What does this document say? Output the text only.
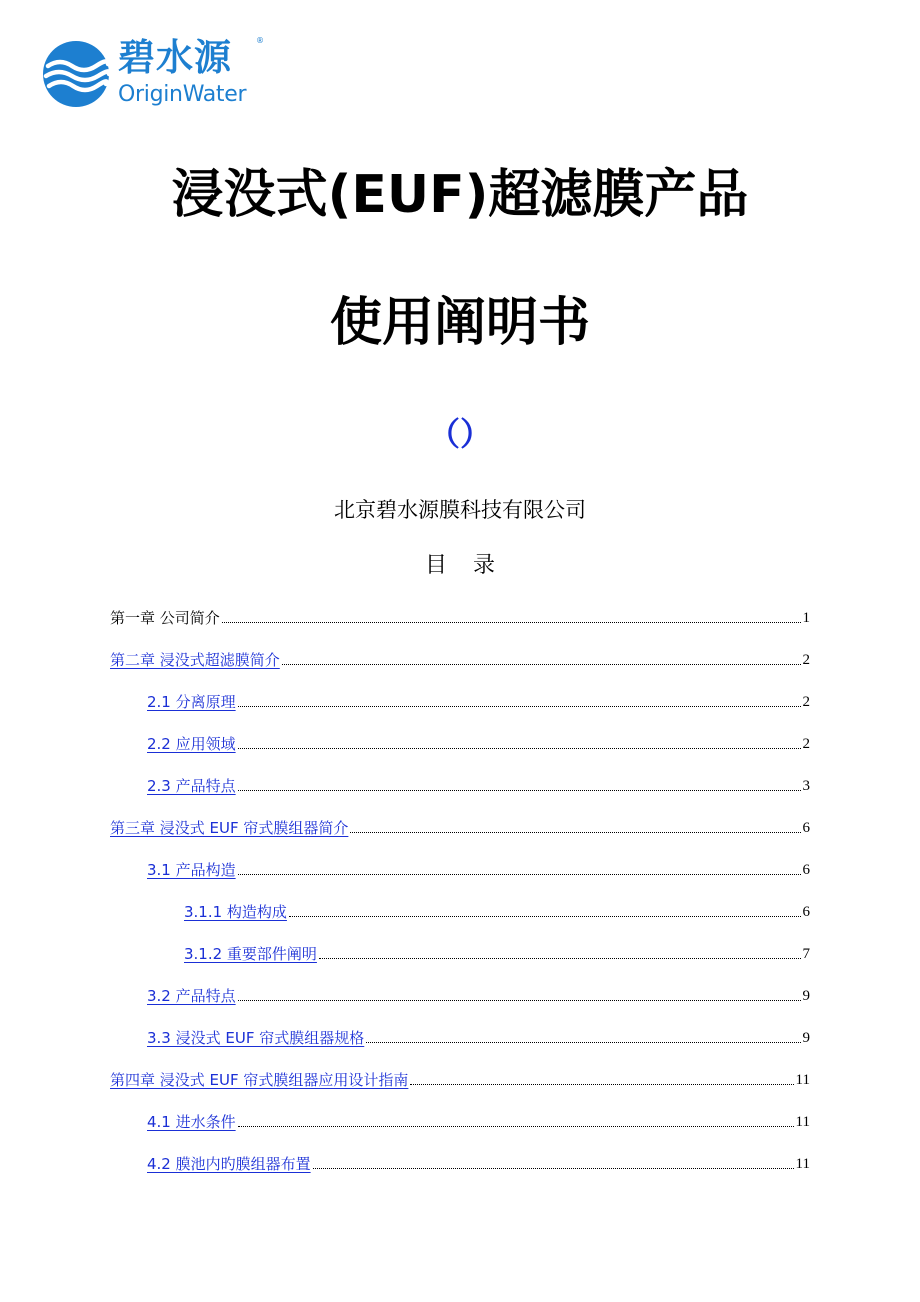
碧水源	®
OriginWater
浸没式(EUF)超滤膜产品
使用阐明书
（）
北京碧水源膜科技有限公司
目录
第一章 公司简介	1
第二章 浸没式超滤膜简介	2
2.1 分离原理	2
2.2 应用领域	2
2.3 产品特点	3
第三章 浸没式 EUF 帘式膜组器简介	6
3.1 产品构造	6
3.1.1 构造构成	6
3.1.2 重要部件阐明	7
3.2 产品特点	9
3.3 浸没式 EUF 帘式膜组器规格	9
第四章 浸没式 EUF 帘式膜组器应用设计指南	11
4.1 进水条件	11
4.2 膜池内旳膜组器布置	11
